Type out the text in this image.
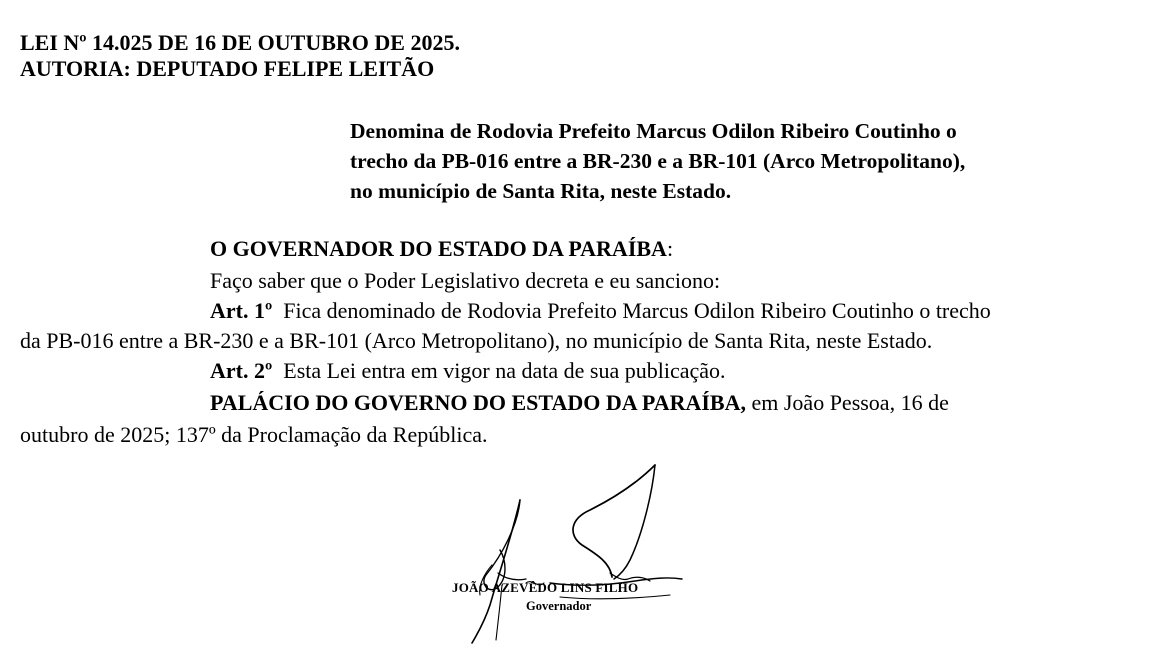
LEI Nº 14.025 DE 16 DE OUTUBRO DE 2025.
AUTORIA: DEPUTADO FELIPE LEITÃO
Denomina de Rodovia Prefeito Marcus Odilon Ribeiro Coutinho o
trecho da PB-016 entre a BR-230 e a BR-101 (Arco Metropolitano),
no município de Santa Rita, neste Estado.
O GOVERNADOR DO ESTADO DA PARAÍBA:
Faço saber que o Poder Legislativo decreta e eu sanciono:
Art. 1º Fica denominado de Rodovia Prefeito Marcus Odilon Ribeiro Coutinho o trecho
da PB-016 entre a BR-230 e a BR-101 (Arco Metropolitano), no município de Santa Rita, neste Estado.
Art. 2º Esta Lei entra em vigor na data de sua publicação.
PALÁCIO DO GOVERNO DO ESTADO DA PARAÍBA, em João Pessoa, 16 de
outubro de 2025; 137º da Proclamação da República.
JOÃO AZEVÊDO LINS FILHO
Governador
